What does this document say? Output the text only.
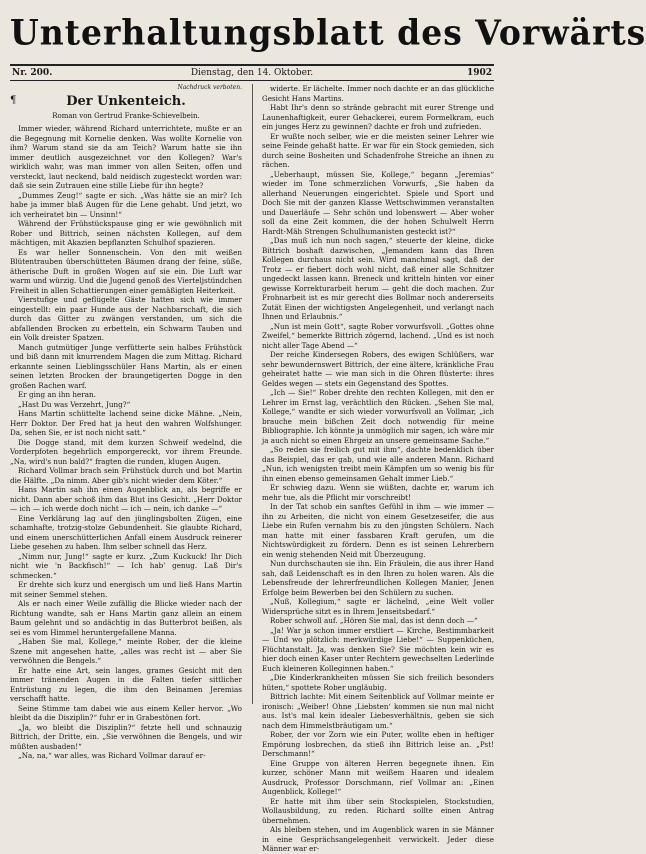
Unterhaltungsblatt des Vorwärts
Dienstag, den 14. Oktober.
Nr. 200.	1902
Nachdruck verboten.
¶	Der Unkenteich.
Roman von Gertrud Franke-Schievelbein.

Immer wieder, während Richard unterrichtete, mußte er an die Begegnung mit Kornelie denken. Was wollte Kornelie von ihm? Warum stand sie da am Teich? Warum hatte sie ihn immer deutlich ausgezeichnet vor den Kollegen? War's wirklich wahr, was man immer von allen Seiten, offen und versteckt, laut neckend, bald neidisch zugesteckt worden war: daß sie sein Zutrauen eine stille Liebe für ihn hegte?

„Dummes Zeug!“ sagte er sich. „Was hätte sie an mir? Ich habe ja immer blaß Augen für die Lene gehabt. Und jetzt, wo ich verheiratet bin — Unsinn!“

Während der Frühstückspause ging er wie gewöhnlich mit Rober und Bittrich, seinen nächsten Kollegen, auf dem mächtigen, mit Akazien bepflanzten Schulhof spazieren.

Es war heller Sonnenschein. Von den mit weißen Blütentrauben überschütteten Bäumen drang der feine, süße, ätherische Duft in großen Wogen auf sie ein. Die Luft war warm und würzig. Und die Jugend genoß des Vierteljstündchen Freiheit in allen Schattierungen einer gemäßigten Heiterkeit.

Vierstufige und geflügelte Gäste hatten sich wie immer eingestellt: ein paar Hunde aus der Nachbarschaft, die sich durch das Gitter zu zwängen verstanden, um sich die abfallenden Brocken zu erbetteln, ein Schwarm Tauben und ein Volk dreister Spatzen.

Manch gutmütiger Junge verfütterte sein halbes Frühstück und biß dann mit knurrendem Magen die zum Mittag. Richard erkannte seinen Lieblingsschüler Hans Martin, als er einen seinen letzten Brocken der braungetigerten Dogge in den großen Rachen warf.

Er ging an ihn heran.

„Hast Du was Verzehrt, Jung?“

Hans Martin schüttelte lachend seine dicke Mähne. „Nein, Herr Doktor. Der Fred hat ja heut den wahren Wolfshunger. Da, sehen Sie, er ist noch nicht satt.“

Die Dogge stand, mit dem kurzen Schweif wedelnd, die Vorderpfoten begehrlich emporgereckt, vor ihrem Freunde. „Na, wird's nun bald?“ fragten die runden, klugen Augen.

Richard Vollmar brach sein Frühstück durch und bot Martin die Hälfte. „Da nimm. Aber gib's nicht wieder dem Köter.“

Hans Martin sah ihn einen Augenblick an, als begriffe er nicht. Dann aber schoß ihm das Blut ins Gesicht. „Herr Doktor — ich — ich werde doch nicht — ich — nein, ich danke —“

Eine Verklärung lag auf den jünglingsbolten Zügen, eine schamhafte, trotzig-stolze Gebundenheit. Sie glaubte Richard, und einem unerschütterlichen Anfall einem Ausdruck reinerer Liebe gesehen zu haben. Ihm selber schnell das Herz.

„Nimm nur, Jung!“ sagte er kurz. „Zum Kuckuck! Ihr Dich nicht wie 'n Backfisch!“ — Ich hab' genug. Laß Dir's schmecken.“

Er drehte sich kurz und energisch um und ließ Hans Martin mit seiner Semmel stehen.

Als er nach einer Weile zufällig die Blicke wieder nach der Richtung wandte, sah er Hans Martin ganz allein an einem Baum gelehnt und so andächtig in das Butterbrot beißen, als sei es vom Himmel heruntergefallene Manna.

„Haben Sie mal, Kollege,“ meinte Rober, der die kleine Szene mit angesehen hatte, „alles was recht ist — aber Sie verwöhnen die Bengels.“

Er hatte eine Art, sein langes, grames Gesicht mit den immer tränenden Augen in die Falten tiefer sittlicher Entrüstung zu legen, die ihm den Beinamen Jeremias verschafft hatte.

Seine Stimme tam dabei wie aus einem Keller hervor. „Wo bleibt da die Disziplin?“ fuhr er in Grabestönen fort.

„Ja, wo bleibt die Disziplin?“ fetzte hell und schnauzig Bittrich, der Dritte, ein. „Sie verwöhnen die Bengels, und wir müßten ausbaden!“

„Na, na,“ war alles, was Richard Vollmar darauf er-

widerte. Er lächelte. Immer noch dachte er an das glückliche Gesicht Hans Martins.

Habt Ihr's denn so strände gebracht mit eurer Strenge und Launenhaftigkeit, eurer Gehackerei, eurem Formelkram, euch ein junges Herz zu gewinnen? dachte er froh und zufrieden.

Er wußte noch selber, wie er die meisten seiner Lehrer wie seine Feinde gehaßt hatte. Er war für ein Stock gemieden, sich durch seine Bosheiten und Schadenfrohe Streiche an ihnen zu rächen.

„Ueberhaupt, müssen Sie, Kollege,“ begann „Jeremias“ wieder im Tone schmerzlichen Vorwurfs, „Sie haben da allerhand Neuerungen eingerichtet. Spiele und Sport und Doch Sie mit der ganzen Klasse Wettschwimmen veranstalten und Dauerläufe — Sehr schön und lobenswert — Aber woher soll da eine Zeit kommen, die der hohen Schulwelt Herrn Hardt-Mäh Strengen Schulhumanisten gesteckt ist?“

„Das muß ich nun noch sagen,“ steuerte der kleine, dicke Bittrich boshaft dazwischen, „Jemandem kann das Ihren Kollegen durchaus nicht sein. Wird manchmal sagt, daß der Trotz — er fiebert doch wohl nicht, daß einer alle Schnitzer ungedeckt lassen kann. Breneck und kritteln hinten vor einer gewisse Korrekturarbeit herum — geht die doch machen. Zur Frohnarbeit ist es mir gerecht dies Bollmar noch andererseits Zutät Einen der wichtigsten Angelegenheit, und verlangt nach Ihnen und Erlaubnis.“

„Nun ist mein Gott“, sagte Rober vorwurfsvoll. „Gottes ohne Zweifel,“ bemerkte Bittrich zögernd, lachend. „Und es ist noch nicht aller Tage Abend —“

Der reiche Kindersegen Robers, des ewigen Schlüßers, war sehr bewundernswert Bittrich, der eine ältere, kränkliche Frau geheiratet hatte — wie man sich in die Ohren flüsterte: ihres Geldes wegen — stets ein Gegenstand des Spottes.

„Ich — Sie!“ Rober drehte den rechten Kollegen, mit den er Lehrer im Ernst lag, verächtlich den Rücken. „Sehen Sie mal, Kollege,“ wandte er sich wieder vorwurfsvoll an Vollmar, „ich brauche mein bißchen Zeit doch notwendig für meine Bibliographie. Ich könnte ja unmöglich mir sagen, ich wäre mir ja auch nicht so einen Ehrgeiz an unsere gemeinsame Sache.“

„So reden sie freilich gut mit ihm“, dachte bedenklich über das Beispiel, das er gab, und wie alle anderen Mann. Richard „Nun, ich wenigsten treibt mein Kämpfen um so wenig bis für ihn einen ebenso gemeinsamen Gehalt immer Lieb.“

Er schwieg dazu. Wenn sie wüßten, dachte er, warum ich mehr tue, als die Pflicht mir vorschreibt!

In der Tat schob ein sanftes Gefühl in ihm — wie immer — ihn zu Arbeiten, die nicht von einem Gesetzeseifer, die aus Liebe ein Rufen vernahm bis zu den jüngsten Schülern. Nach man hatte mit einer fassbaren Kraft gerufen, um die Nichtswürdigkeit zu fördern. Denn es ist seinen Lehrerbern ein wenig stehenden Neid mit Überzeugung.

Nun durchschauten sie ihn. Ein Fräulein, die aus ihrer Hand sah, daß Leidenschaft es in den Ihren zu holen waren. Als die Lebensfreude der lehrerfreundlichen Kollegen Manier, Jenen Erfolge beim Bewerben bei den Schülern zu suchen.

„Nuß, Kollegium,“ sagte er lächelnd, „eine Welt voller Widersprüche sitzt es in Ihrem Jenseitsbedarf.“

Rober schwoll auf. „Hören Sie mal, das ist denn doch —“

„Ja! War ja schon immer erstliert — Kirche, Bestimmbarkeit — Und wo plötzlich: merkwürdige Liebe!“ — Suppenküchen, Flüchtanstalt. Ja, was denken Sie? Sie möchten kein wir es hier doch einen Kaser unter Rechtern gewechselten Lederlinde Euch kleineren Kolleginnen haben.“

„Die Kinderkrankheiten müssen Sie sich freilich besonders hüten,“ spottete Rober ungläubig.

Bittrich lachte: Mit einem Seitenblick auf Vollmar meinte er ironisch: „Weiber! Ohne ‚Liebsten‘ kommen sie nun mal nicht aus. Ist's mal kein idealer Liebesverhältnis, geben sie sich nach dem Himmelstbräutigam um.“

Rober, der vor Zorn wie ein Puter, wollte eben in heftiger Empörung losbrechen, da stieß ihn Bittrich leise an. „Pst! Derschmann!“

Eine Gruppe von älteren Herren begegnete ihnen. Ein kurzer, schöner Mann mit weißem Haaren und idealem Ausdruck, Professor Dorschmann, rief Vollmar an: „Einen Augenblick, Kollege!“

Er hatte mit ihm über sein Stockspielen, Stockstudien, Wollausbildung, zu reden. Richard sollte einen Antrag übernehmen.

Als bleiben stehen, und im Augenblick waren in sie Männer in eine Gesprächsangelegenheit verwickelt. Jeder diese Männer war er-
